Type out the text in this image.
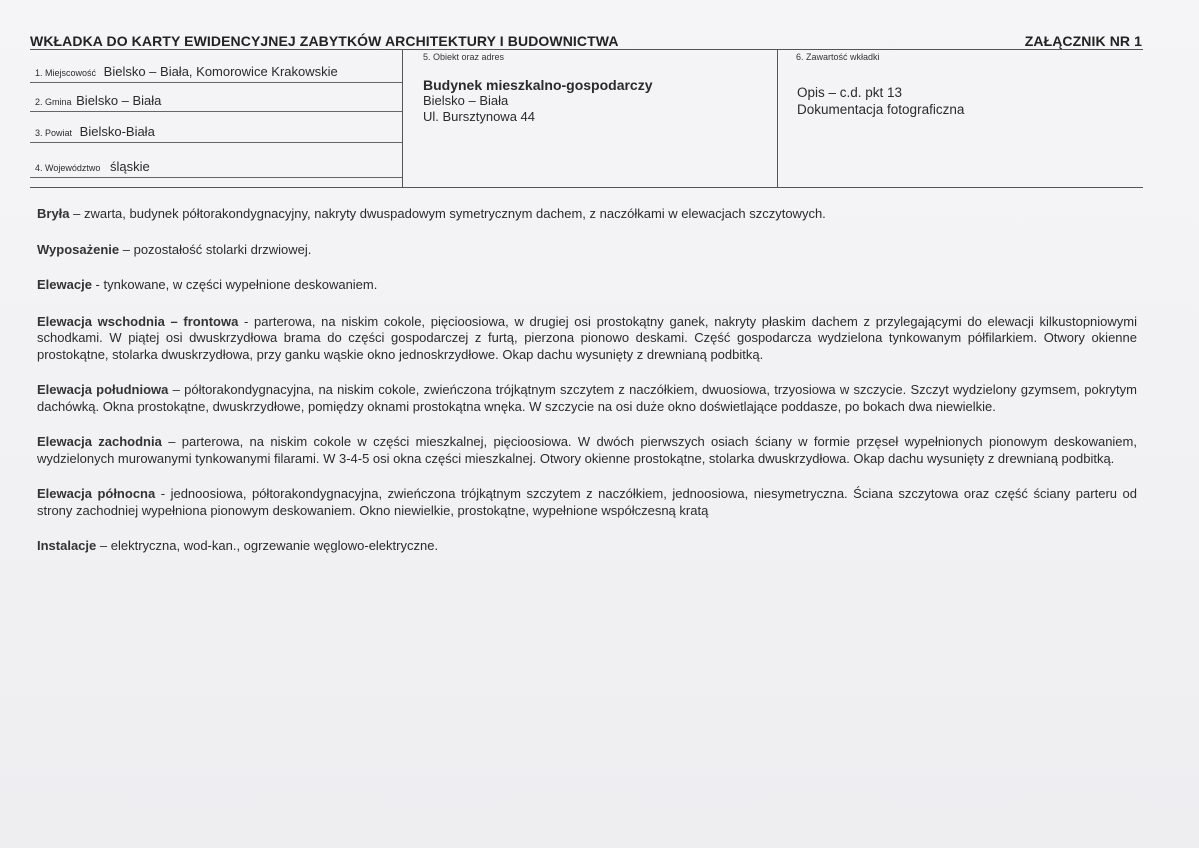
WKŁADKA DO KARTY EWIDENCYJNEJ ZABYTKÓW ARCHITEKTURY I BUDOWNICTWA	ZAŁĄCZNIK NR 1
1. Miejscowość Bielsko – Biała, Komorowice Krakowskie
2. Gmina Bielsko – Biała
3. Powiat Bielsko-Biała
4. Województwo śląskie
5. Obiekt oraz adres
Budynek mieszkalno-gospodarczy
Bielsko – Biała
Ul. Bursztynowa 44
6. Zawartość wkładki
Opis – c.d. pkt 13
Dokumentacja fotograficzna

Bryła – zwarta, budynek półtorakondygnacyjny, nakryty dwuspadowym symetrycznym dachem, z naczółkami w elewacjach szczytowych.

Wyposażenie – pozostałość stolarki drzwiowej.

Elewacje - tynkowane, w części wypełnione deskowaniem.

Elewacja wschodnia – frontowa - parterowa, na niskim cokole, pięcioosiowa, w drugiej osi prostokątny ganek, nakryty płaskim dachem z przylegającymi do elewacji kilkustopniowymi schodkami. W piątej osi dwuskrzydłowa brama do części gospodarczej z furtą, pierzona pionowo deskami. Część gospodarcza wydzielona tynkowanym półfilarkiem. Otwory okienne prostokątne, stolarka dwuskrzydłowa, przy ganku wąskie okno jednoskrzydłowe. Okap dachu wysunięty z drewnianą podbitką.

Elewacja południowa – półtorakondygnacyjna, na niskim cokole, zwieńczona trójkątnym szczytem z naczółkiem, dwuosiowa, trzyosiowa w szczycie. Szczyt wydzielony gzymsem, pokrytym dachówką. Okna prostokątne, dwuskrzydłowe, pomiędzy oknami prostokątna wnęka. W szczycie na osi duże okno doświetlające poddasze, po bokach dwa niewielkie.

Elewacja zachodnia – parterowa, na niskim cokole w części mieszkalnej, pięcioosiowa. W dwóch pierwszych osiach ściany w formie przęseł wypełnionych pionowym deskowaniem, wydzielonych murowanymi tynkowanymi filarami. W 3-4-5 osi okna części mieszkalnej. Otwory okienne prostokątne, stolarka dwuskrzydłowa. Okap dachu wysunięty z drewnianą podbitką.

Elewacja północna - jednoosiowa, półtorakondygnacyjna, zwieńczona trójkątnym szczytem z naczółkiem, jednoosiowa, niesymetryczna. Ściana szczytowa oraz część ściany parteru od strony zachodniej wypełniona pionowym deskowaniem. Okno niewielkie, prostokątne, wypełnione współczesną kratą

Instalacje – elektryczna, wod-kan., ogrzewanie węglowo-elektryczne.
